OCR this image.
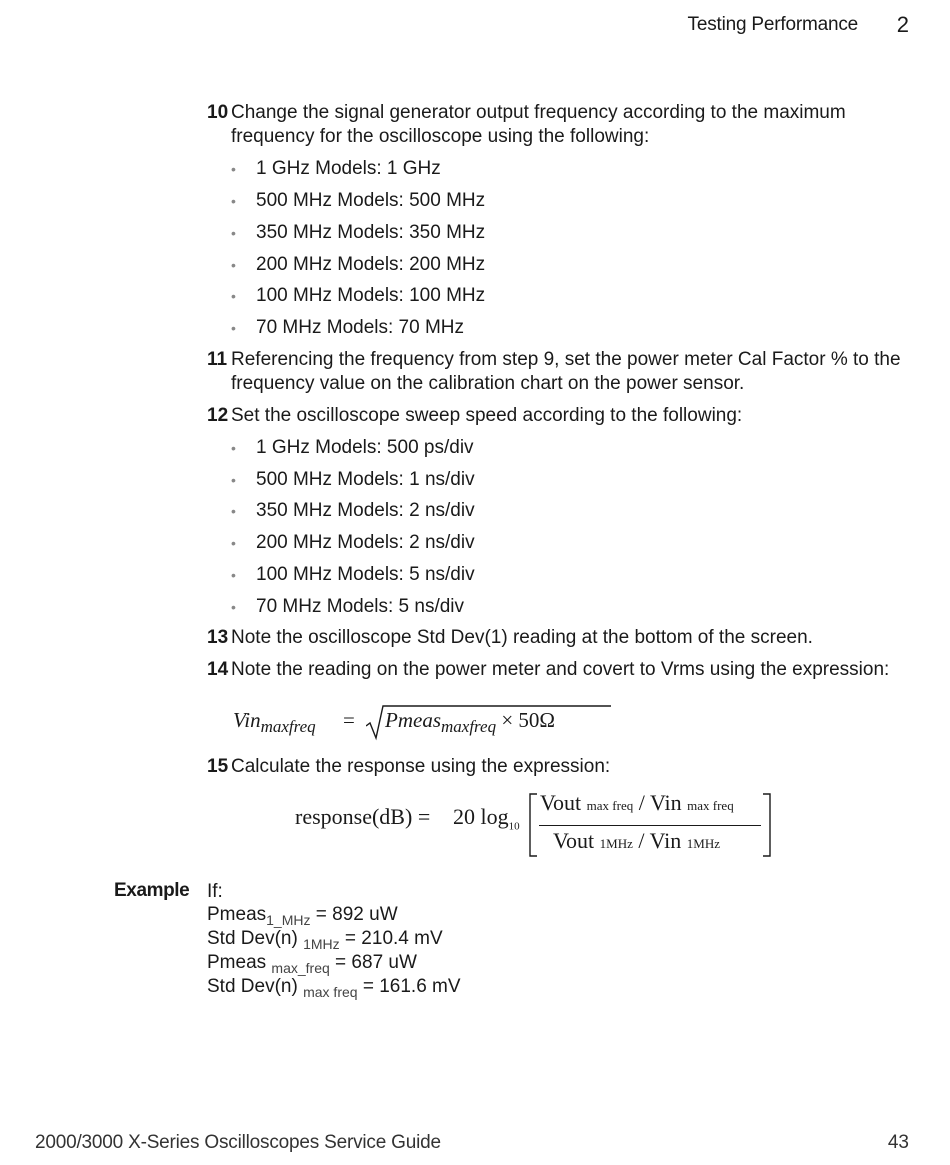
Testing Performance 2
10 Change the signal generator output frequency according to the maximum frequency for the oscilloscope using the following:
• 1 GHz Models: 1 GHz
• 500 MHz Models: 500 MHz
• 350 MHz Models: 350 MHz
• 200 MHz Models: 200 MHz
• 100 MHz Models: 100 MHz
• 70 MHz Models: 70 MHz
11 Referencing the frequency from step 9, set the power meter Cal Factor % to the frequency value on the calibration chart on the power sensor.
12 Set the oscilloscope sweep speed according to the following:
• 1 GHz Models: 500 ps/div
• 500 MHz Models: 1 ns/div
• 350 MHz Models: 2 ns/div
• 200 MHz Models: 2 ns/div
• 100 MHz Models: 5 ns/div
• 70 MHz Models: 5 ns/div
13 Note the oscilloscope Std Dev(1) reading at the bottom of the screen.
14 Note the reading on the power meter and covert to Vrms using the expression:
Vin$_{maxfreq}$ = Pmeas$_{maxfreq}$ × 50Ω
15 Calculate the response using the expression:
response(dB) = 20 $\log_{10}$
Vout max freq / Vin max freq
Vout 1MHz / Vin 1MHz
Example If:
Pmeas$_{1\_MHz}$ = 892 uW
Std Dev(n) $_{1MHz}$ = 210.4 mV
Pmeas $_{max\_freq}$ = 687 uW
Std Dev(n) $_{max freq}$ = 161.6 mV
2000/3000 X-Series Oscilloscopes Service Guide	43
